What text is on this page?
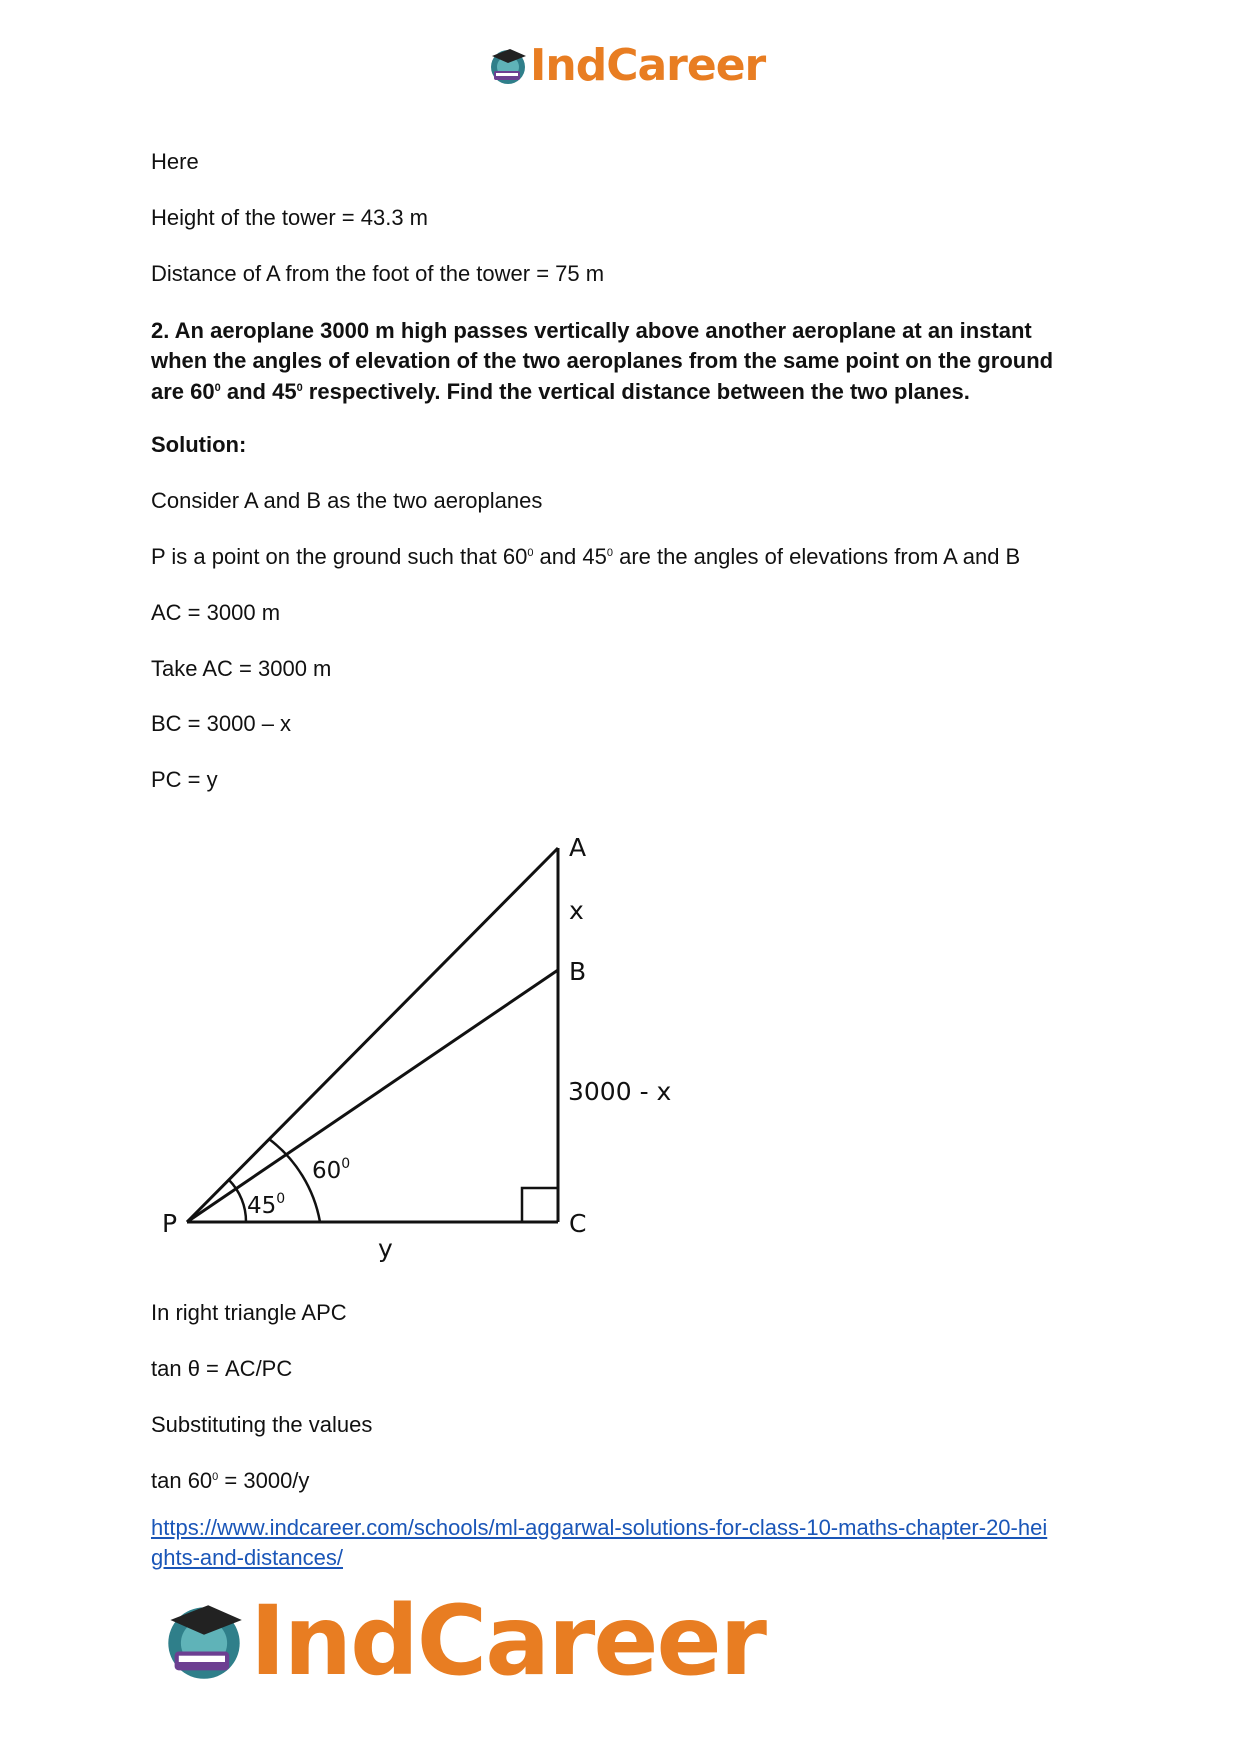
IndCareer

Here

Height of the tower = 43.3 m

Distance of A from the foot of the tower = 75 m

2. An aeroplane 3000 m high passes vertically above another aeroplane at an instant

when the angles of elevation of the two aeroplanes from the same point on the ground

are $60^0$ and $45^0$ respectively. Find the vertical distance between the two planes.

Solution:

Consider A and B as the two aeroplanes

P is a point on the ground such that $60^0$ and $45^0$ are the angles of elevations from A and B

AC = 3000 m

Take AC = 3000 m

BC = 3000 – x

PC = y

A
x
B
3000 - x
C
P
y
$45^0$
$60^0$

In right triangle APC

tan θ = AC/PC

Substituting the values

$\tan 60^0 = 3000/y$

https://www.indcareer.com/schools/ml-aggarwal-solutions-for-class-10-maths-chapter-20-hei
ghts-and-distances/

IndCareer
